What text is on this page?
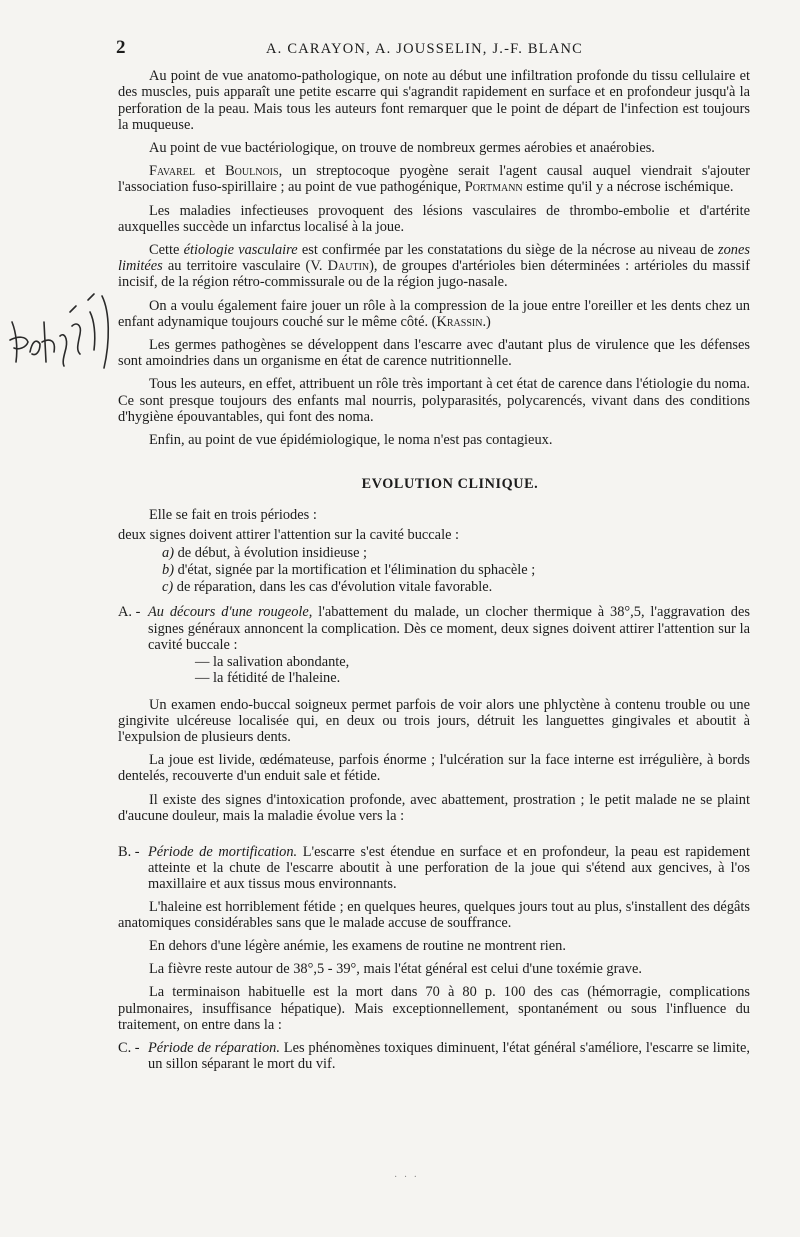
2	A. CARAYON, A. JOUSSELIN, J.-F. BLANC

Au point de vue anatomo-pathologique, on note au début une infiltration profonde du tissu cellulaire et des muscles, puis apparaît une petite escarre qui s'agrandit rapidement en surface et en profondeur jusqu'à la perforation de la peau. Mais tous les auteurs font remarquer que le point de départ de l'infection est toujours la muqueuse.

Au point de vue bactériologique, on trouve de nombreux germes aérobies et anaérobies.

Favarel et Boulnois, un streptocoque pyogène serait l'agent causal auquel viendrait s'ajouter l'association fuso-spirillaire ; au point de vue pathogénique, Portmann estime qu'il y a nécrose ischémique.

Les maladies infectieuses provoquent des lésions vasculaires de thrombo-embolie et d'artérite auxquelles succède un infarctus localisé à la joue.

Cette étiologie vasculaire est confirmée par les constatations du siège de la nécrose au niveau de zones limitées au territoire vasculaire (V. Dautin), de groupes d'artérioles bien déterminées : artérioles du massif incisif, de la région rétro-commissurale ou de la région jugo-nasale.

On a voulu également faire jouer un rôle à la compression de la joue entre l'oreiller et les dents chez un enfant adynamique toujours couché sur le même côté. (Krassin.)

Les germes pathogènes se développent dans l'escarre avec d'autant plus de virulence que les défenses sont amoindries dans un organisme en état de carence nutritionnelle.

Tous les auteurs, en effet, attribuent un rôle très important à cet état de carence dans l'étiologie du noma. Ce sont presque toujours des enfants mal nourris, polyparasités, polycarencés, vivant dans des conditions d'hygiène épouvantables, qui font des noma.

Enfin, au point de vue épidémiologique, le noma n'est pas contagieux.

EVOLUTION CLINIQUE.

Elle se fait en trois périodes :

deux signes doivent attirer l'attention sur la cavité buccale :

a) de début, à évolution insidieuse ;
b) d'état, signée par la mortification et l'élimination du sphacèle ;
c) de réparation, dans les cas d'évolution vitale favorable.
A. - Au décours d'une rougeole, l'abattement du malade, un clocher thermique à 38°,5, l'aggravation des signes généraux annoncent la complication. Dès ce moment, deux signes doivent attirer l'attention sur la cavité buccale :
— la salivation abondante,
— la fétidité de l'haleine.

Un examen endo-buccal soigneux permet parfois de voir alors une phlyctène à contenu trouble ou une gingivite ulcéreuse localisée qui, en deux ou trois jours, détruit les languettes gingivales et aboutit à l'expulsion de plusieurs dents.

La joue est livide, œdémateuse, parfois énorme ; l'ulcération sur la face interne est irrégulière, à bords dentelés, recouverte d'un enduit sale et fétide.

Il existe des signes d'intoxication profonde, avec abattement, prostration ; le petit malade ne se plaint d'aucune douleur, mais la maladie évolue vers la :

B. - Période de mortification. L'escarre s'est étendue en surface et en profondeur, la peau est rapidement atteinte et la chute de l'escarre aboutit à une perforation de la joue qui s'étend aux gencives, à l'os maxillaire et aux tissus mous environnants.

L'haleine est horriblement fétide ; en quelques heures, quelques jours tout au plus, s'installent des dégâts anatomiques considérables sans que le malade accuse de souffrance.

En dehors d'une légère anémie, les examens de routine ne montrent rien.

La fièvre reste autour de 38°,5 - 39°, mais l'état général est celui d'une toxémie grave.

La terminaison habituelle est la mort dans 70 à 80 p. 100 des cas (hémorragie, complications pulmonaires, insuffisance hépatique). Mais exceptionnellement, spontanément ou sous l'influence du traitement, on entre dans la :

C. - Période de réparation. Les phénomènes toxiques diminuent, l'état général s'améliore, l'escarre se limite, un sillon séparant le mort du vif.
· · ·
